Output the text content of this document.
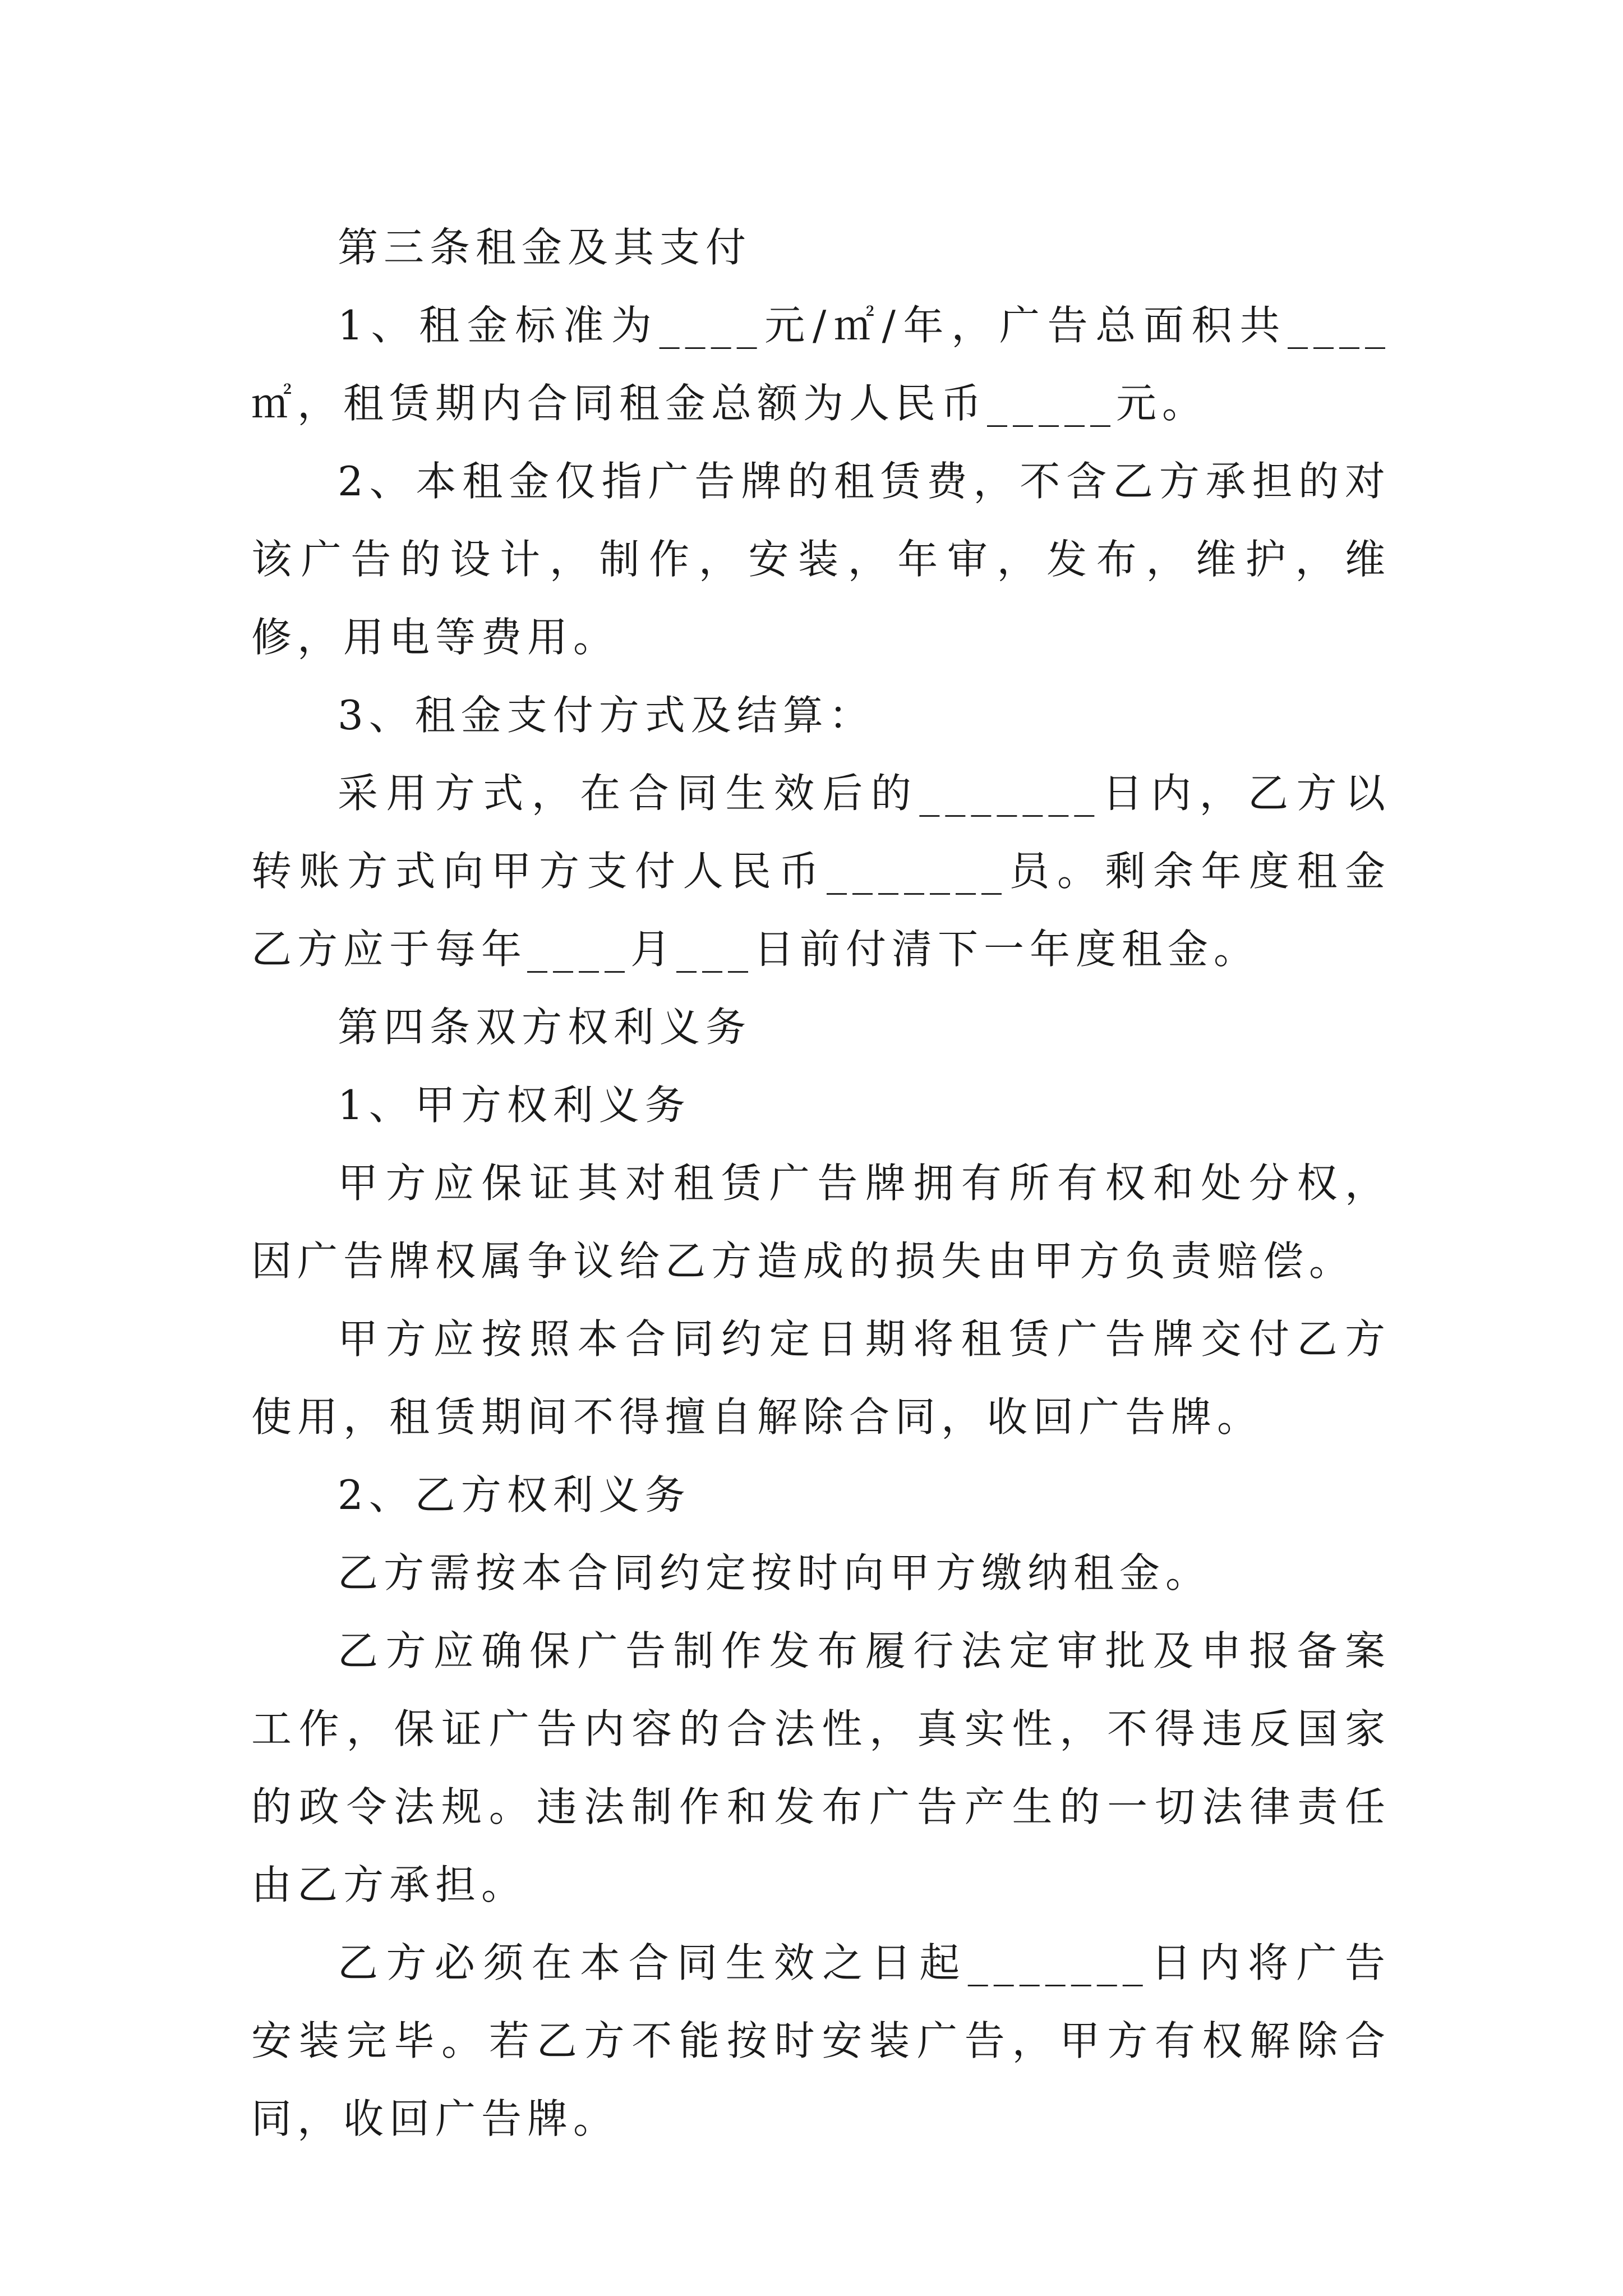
第三条租金及其支付

1、租金标准为____元/㎡/年，广告总面积共____㎡，租赁期内合同租金总额为人民币_____元。

2、本租金仅指广告牌的租赁费，不含乙方承担的对该广告的设计，制作，安装，年审，发布，维护，维修，用电等费用。

3、租金支付方式及结算：

采用方式，在合同生效后的_______日内，乙方以转账方式向甲方支付人民币_______员。剩余年度租金乙方应于每年____月___日前付清下一年度租金。

第四条双方权利义务

1、甲方权利义务

甲方应保证其对租赁广告牌拥有所有权和处分权，因广告牌权属争议给乙方造成的损失由甲方负责赔偿。

甲方应按照本合同约定日期将租赁广告牌交付乙方使用，租赁期间不得擅自解除合同，收回广告牌。

2、乙方权利义务

乙方需按本合同约定按时向甲方缴纳租金。

乙方应确保广告制作发布履行法定审批及申报备案工作，保证广告内容的合法性，真实性，不得违反国家的政令法规。违法制作和发布广告产生的一切法律责任由乙方承担。

乙方必须在本合同生效之日起_______日内将广告安装完毕。若乙方不能按时安装广告，甲方有权解除合同，收回广告牌。
